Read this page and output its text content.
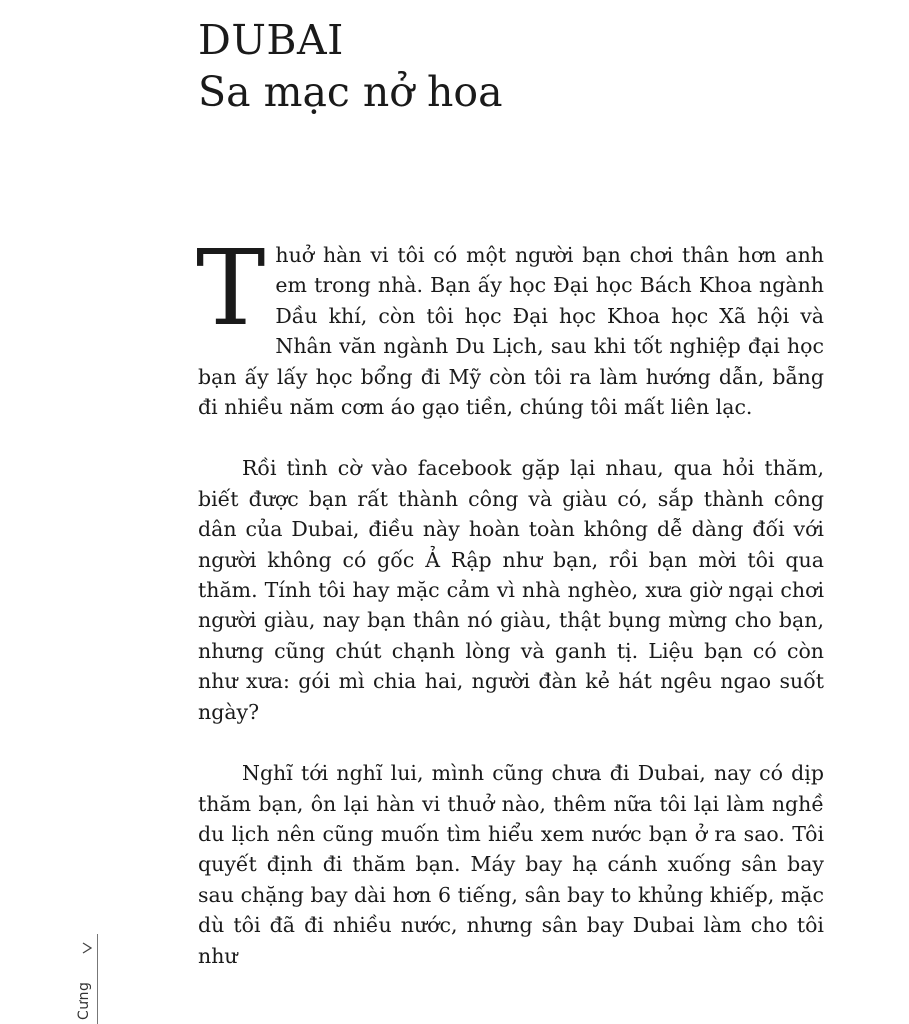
DUBAI
Sa mạc nở hoa

Thuở hàn vi tôi có một người bạn chơi thân hơn anh em trong nhà. Bạn ấy học Đại học Bách Khoa ngành Dầu khí, còn tôi học Đại học Khoa học Xã hội và Nhân văn ngành Du Lịch, sau khi tốt nghiệp đại học bạn ấy lấy học bổng đi Mỹ còn tôi ra làm hướng dẫn, bẵng đi nhiều năm cơm áo gạo tiền, chúng tôi mất liên lạc.

Rồi tình cờ vào facebook gặp lại nhau, qua hỏi thăm, biết được bạn rất thành công và giàu có, sắp thành công dân của Dubai, điều này hoàn toàn không dễ dàng đối với người không có gốc Ả Rập như bạn, rồi bạn mời tôi qua thăm. Tính tôi hay mặc cảm vì nhà nghèo, xưa giờ ngại chơi người giàu, nay bạn thân nó giàu, thật bụng mừng cho bạn, nhưng cũng chút chạnh lòng và ganh tị. Liệu bạn có còn như xưa: gói mì chia hai, người đàn kẻ hát ngêu ngao suốt ngày?

Nghĩ tới nghĩ lui, mình cũng chưa đi Dubai, nay có dịp thăm bạn, ôn lại hàn vi thuở nào, thêm nữa tôi lại làm nghề du lịch nên cũng muốn tìm hiểu xem nước bạn ở ra sao. Tôi quyết định đi thăm bạn. Máy bay hạ cánh xuống sân bay sau chặng bay dài hơn 6 tiếng, sân bay to khủng khiếp, mặc dù tôi đã đi nhiều nước, nhưng sân bay Dubai làm cho tôi như

Cưng
